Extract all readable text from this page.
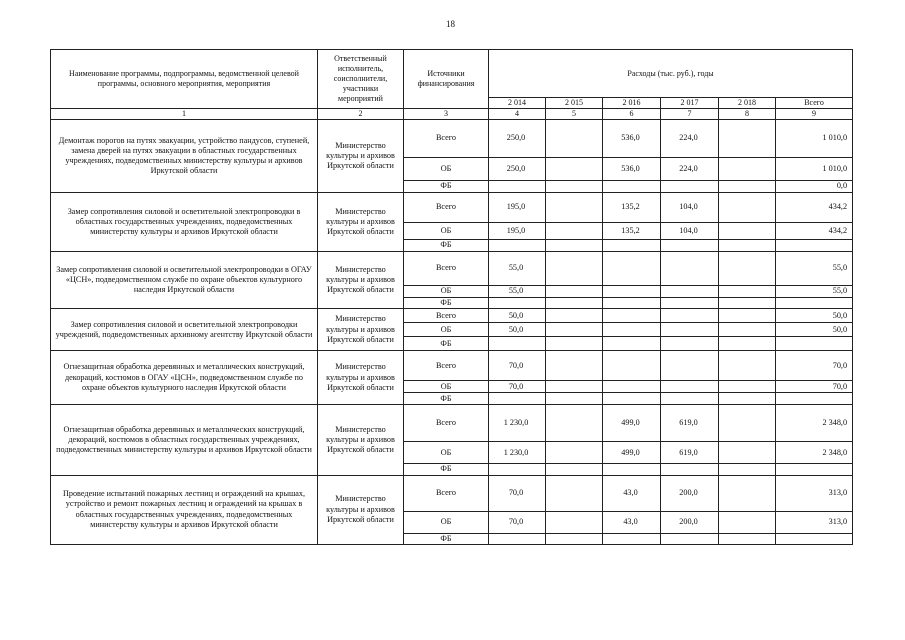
18
Наименование программы, подпрограммы, ведомственной целевой программы, основного мероприятия, мероприятия	Ответственный исполнитель, соисполнители, участники мероприятий	Источники финансирования	Расходы (тыс. руб.), годы					
			2 014	2 015	2 016	2 017	2 018	Всего
1	2	3	4	5	6	7	8	9
Демонтаж порогов на путях эвакуации, устройство пандусов, ступеней, замена дверей на путях эвакуации в областных государственных учреждениях, подведомственных министерству культуры и архивов Иркутской области	Министерство культуры и архивов Иркутской области	Всего	250,0		536,0	224,0		1 010,0
		ОБ	250,0		536,0	224,0		1 010,0
		ФБ						0,0
Замер сопротивления силовой и осветительной электропроводки в областных государственных учреждениях, подведомственных министерству культуры и архивов Иркутской области	Министерство культуры и архивов Иркутской области	Всего	195,0		135,2	104,0		434,2
		ОБ	195,0		135,2	104,0		434,2
		ФБ						
Замер сопротивления силовой и осветительной электропроводки в ОГАУ «ЦСН», подведомственном службе по охране объектов культурного наследия Иркутской области	Министерство культуры и архивов Иркутской области	Всего	55,0					55,0
		ОБ	55,0					55,0
		ФБ						
Замер сопротивления силовой и осветительной электропроводки учреждений, подведомственных архивному агентству Иркутской области	Министерство культуры и архивов Иркутской области	Всего	50,0					50,0
		ОБ	50,0					50,0
		ФБ						
Огнезащитная обработка деревянных и металлических конструкций, декораций, костюмов в ОГАУ «ЦСН», подведомственном службе по охране объектов культурного наследия Иркутской области	Министерство культуры и архивов Иркутской области	Всего	70,0					70,0
		ОБ	70,0					70,0
		ФБ						
Огнезащитная обработка деревянных и металлических конструкций, декораций, костюмов в областных государственных учреждениях, подведомственных министерству культуры и архивов Иркутской области	Министерство культуры и архивов Иркутской области	Всего	1 230,0		499,0	619,0		2 348,0
		ОБ	1 230,0		499,0	619,0		2 348,0
		ФБ						
Проведение испытаний пожарных лестниц и ограждений на крышах, устройство и ремонт пожарных лестниц и ограждений на крышах в областных государственных учреждениях, подведомственных министерству культуры и архивов Иркутской области	Министерство культуры и архивов Иркутской области	Всего	70,0		43,0	200,0		313,0
		ОБ	70,0		43,0	200,0		313,0
		ФБ						
